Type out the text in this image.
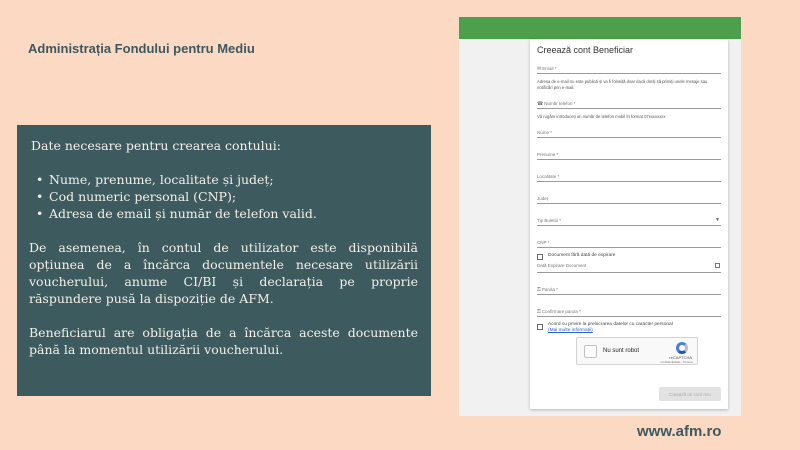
Administrația Fondului pentru Mediu
Date necesare pentru crearea contului:
• Nume, prenume, localitate și județ;
• Cod numeric personal (CNP);
• Adresa de email și număr de telefon valid.

De asemenea, în contul de utilizator este disponibilă opțiunea de a încărca documentele necesare utilizării voucherului, anume CI/BI și declarația pe proprie răspundere pusă la dispoziție de AFM.

Beneficiarul are obligația de a încărca aceste documente până la momentul utilizării voucherului.

Creează cont Beneficiar
✉Email *
Adresa de e-mail nu este publică și va fi folosită doar dacă doriți să primiți unele mesaje sau notificări prin e-mail.
☎Număr telefon *
Vă rugăm introduceți un număr de telefon mobil în format 07xxxxxxxx
Nume *
Prenume *
Localitate *
Județ
Tip Buletin *	▼
CNP *
Document fără dată de expirare
Dată Expirare Document
⚿Parola *
⚿Confirmare parola *
Acord cu privire la prelucrarea datelor cu caracter personal
(Mai multe informații)
Nu sunt robot
reCAPTCHA
Confidențialitate - Termeni
Creează un cont nou
www.afm.ro
